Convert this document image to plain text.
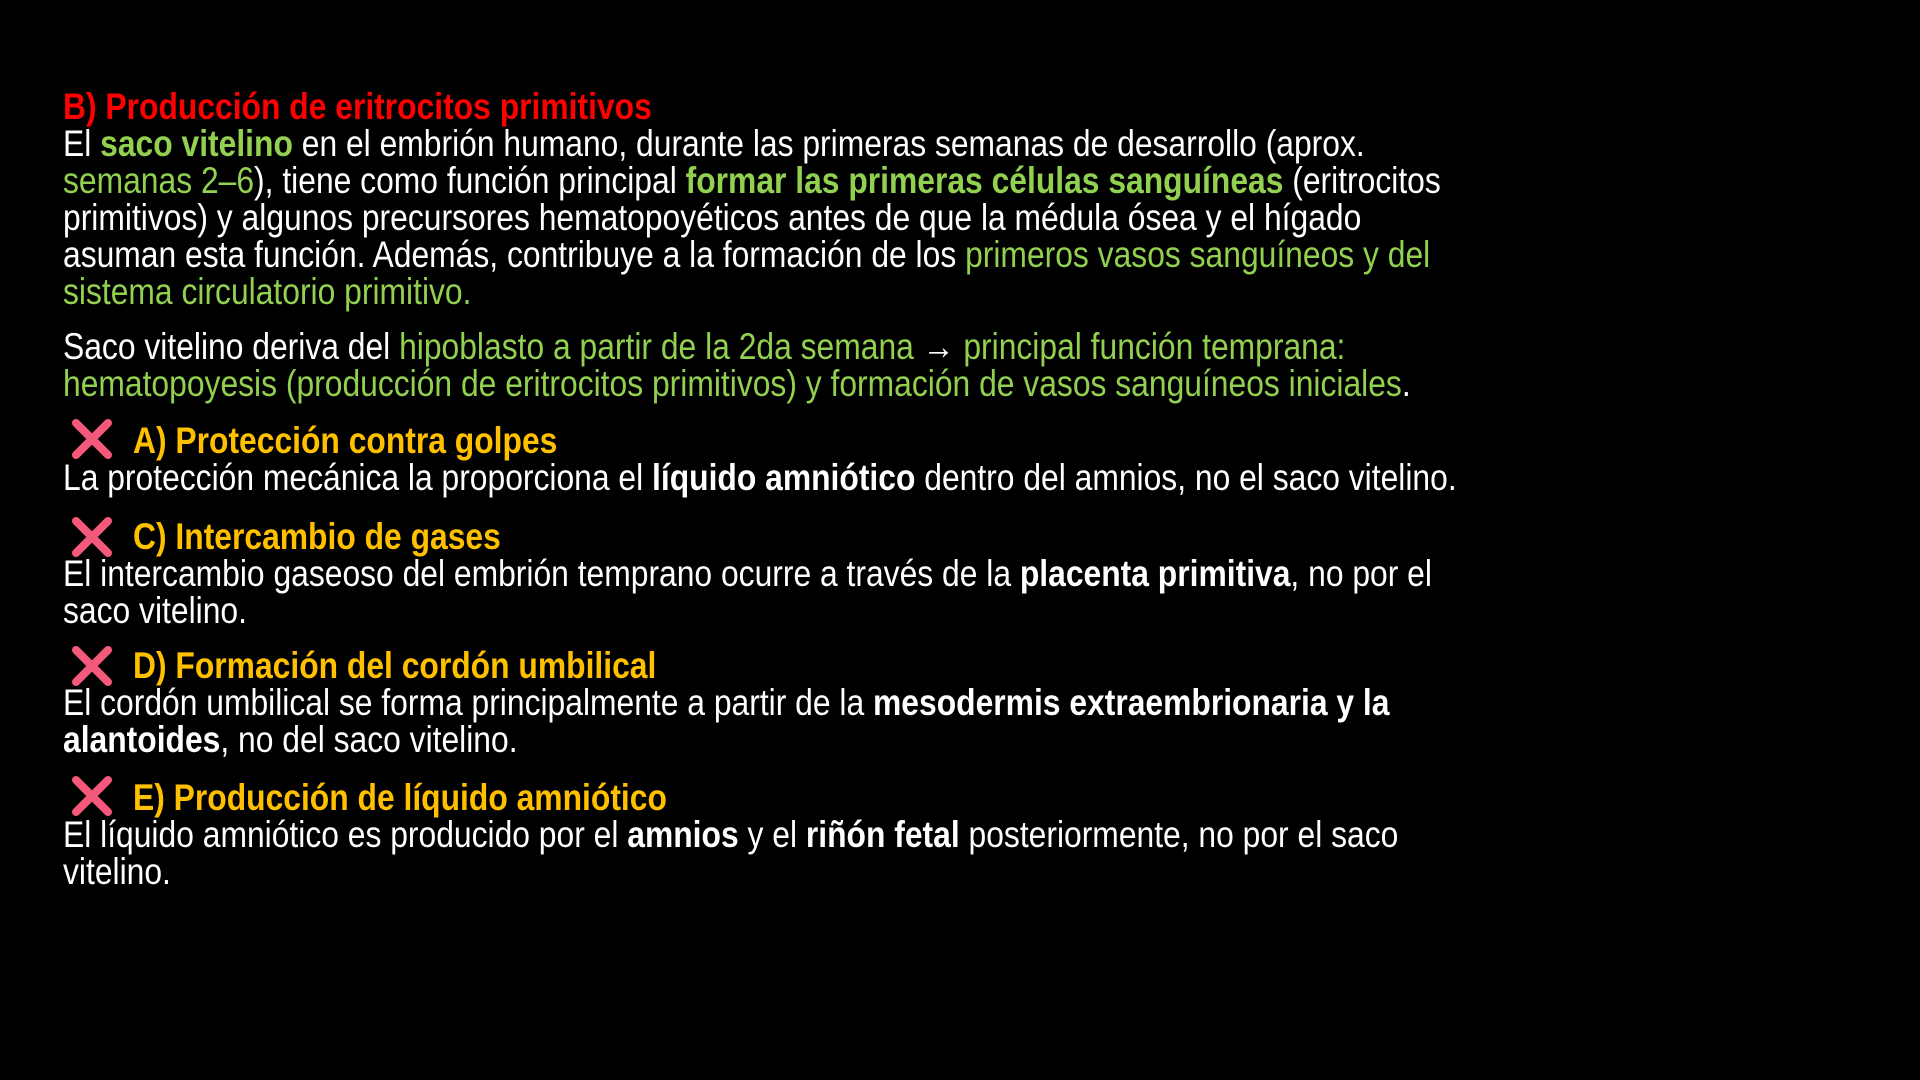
B) Producción de eritrocitos primitivos
El saco vitelino en el embrión humano, durante las primeras semanas de desarrollo (aprox.
semanas 2–6), tiene como función principal formar las primeras células sanguíneas (eritrocitos
primitivos) y algunos precursores hematopoyéticos antes de que la médula ósea y el hígado
asuman esta función. Además, contribuye a la formación de los primeros vasos sanguíneos y del
sistema circulatorio primitivo.
Saco vitelino deriva del hipoblasto a partir de la 2da semana → principal función temprana:
hematopoyesis (producción de eritrocitos primitivos) y formación de vasos sanguíneos iniciales.
A) Protección contra golpes
La protección mecánica la proporciona el líquido amniótico dentro del amnios, no el saco vitelino.
C) Intercambio de gases
El intercambio gaseoso del embrión temprano ocurre a través de la placenta primitiva, no por el
saco vitelino.
D) Formación del cordón umbilical
El cordón umbilical se forma principalmente a partir de la mesodermis extraembrionaria y la
alantoides, no del saco vitelino.
E) Producción de líquido amniótico
El líquido amniótico es producido por el amnios y el riñón fetal posteriormente, no por el saco
vitelino.
